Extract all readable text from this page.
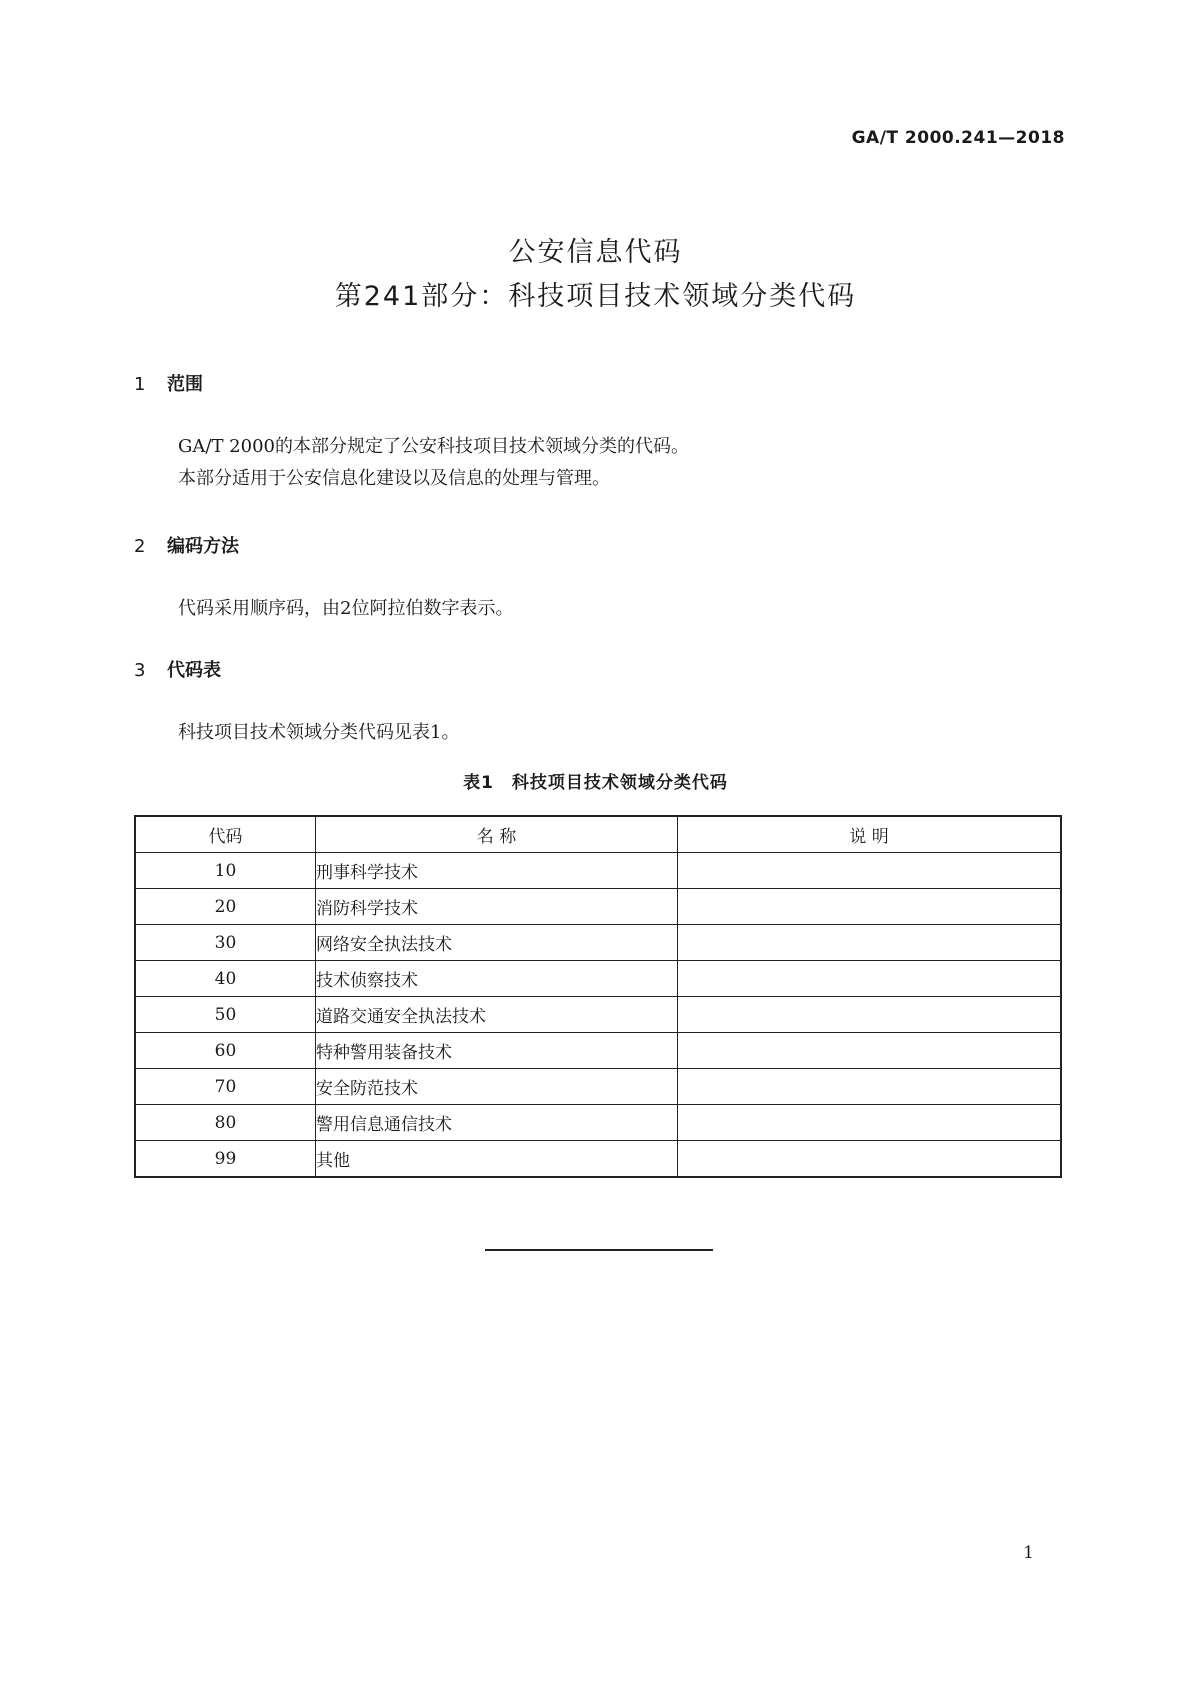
GA/T 2000.241—2018
公安信息代码
第241部分：科技项目技术领域分类代码
1 范围
GA/T 2000的本部分规定了公安科技项目技术领域分类的代码。
本部分适用于公安信息化建设以及信息的处理与管理。
2 编码方法
代码采用顺序码，由2位阿拉伯数字表示。
3 代码表
科技项目技术领域分类代码见表1。
表1　科技项目技术领域分类代码
代码	名 称	说 明
10	刑事科学技术	
20	消防科学技术	
30	网络安全执法技术	
40	技术侦察技术	
50	道路交通安全执法技术	
60	特种警用装备技术	
70	安全防范技术	
80	警用信息通信技术	
99	其他	
1
